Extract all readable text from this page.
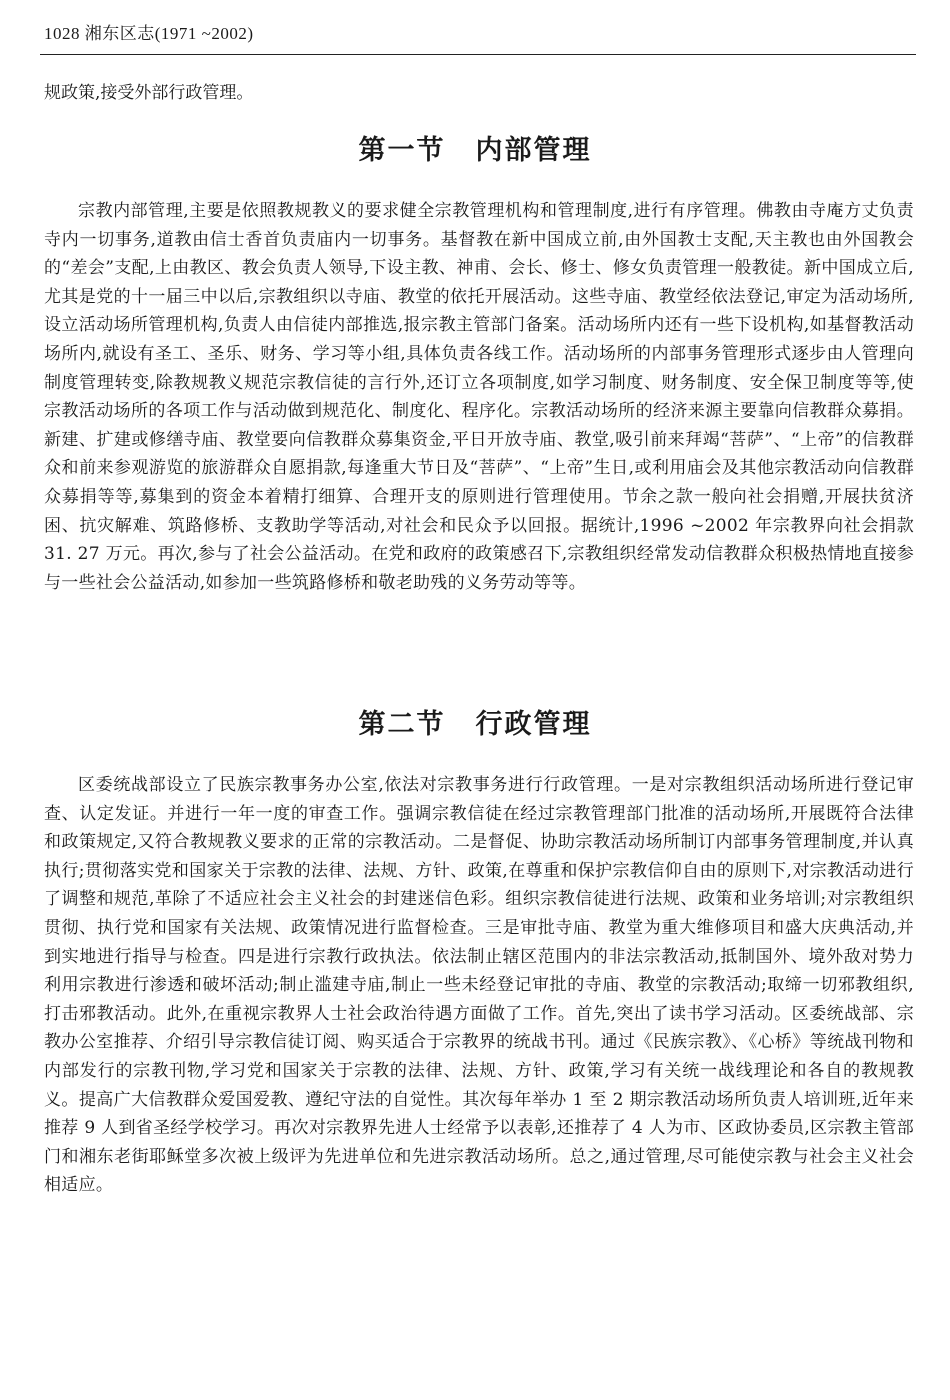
1028 湘东区志(1971 ~2002)
规政策,接受外部行政管理。
第一节 内部管理

宗教内部管理,主要是依照教规教义的要求健全宗教管理机构和管理制度,进行有序管理。佛教由寺庵方丈负责寺内一切事务,道教由信士香首负责庙内一切事务。基督教在新中国成立前,由外国教士支配,天主教也由外国教会的“差会”支配,上由教区、教会负责人领导,下设主教、神甫、会长、修士、修女负责管理一般教徒。新中国成立后,尤其是党的十一届三中以后,宗教组织以寺庙、教堂的依托开展活动。这些寺庙、教堂经依法登记,审定为活动场所,设立活动场所管理机构,负责人由信徒内部推选,报宗教主管部门备案。活动场所内还有一些下设机构,如基督教活动场所内,就设有圣工、圣乐、财务、学习等小组,具体负责各线工作。活动场所的内部事务管理形式逐步由人管理向制度管理转变,除教规教义规范宗教信徒的言行外,还订立各项制度,如学习制度、财务制度、安全保卫制度等等,使宗教活动场所的各项工作与活动做到规范化、制度化、程序化。宗教活动场所的经济来源主要靠向信教群众募捐。新建、扩建或修缮寺庙、教堂要向信教群众募集资金,平日开放寺庙、教堂,吸引前来拜竭“菩萨”、“上帝”的信教群众和前来参观游览的旅游群众自愿捐款,每逢重大节日及“菩萨”、“上帝”生日,或利用庙会及其他宗教活动向信教群众募捐等等,募集到的资金本着精打细算、合理开支的原则进行管理使用。节余之款一般向社会捐赠,开展扶贫济困、抗灾解难、筑路修桥、支教助学等活动,对社会和民众予以回报。据统计,1996 ~2002 年宗教界向社会捐款 31. 27 万元。再次,参与了社会公益活动。在党和政府的政策感召下,宗教组织经常发动信教群众积极热情地直接参与一些社会公益活动,如参加一些筑路修桥和敬老助残的义务劳动等等。

第二节 行政管理

区委统战部设立了民族宗教事务办公室,依法对宗教事务进行行政管理。一是对宗教组织活动场所进行登记审查、认定发证。并进行一年一度的审查工作。强调宗教信徒在经过宗教管理部门批准的活动场所,开展既符合法律和政策规定,又符合教规教义要求的正常的宗教活动。二是督促、协助宗教活动场所制订内部事务管理制度,并认真执行;贯彻落实党和国家关于宗教的法律、法规、方针、政策,在尊重和保护宗教信仰自由的原则下,对宗教活动进行了调整和规范,革除了不适应社会主义社会的封建迷信色彩。组织宗教信徒进行法规、政策和业务培训;对宗教组织贯彻、执行党和国家有关法规、政策情况进行监督检查。三是审批寺庙、教堂为重大维修项目和盛大庆典活动,并到实地进行指导与检查。四是进行宗教行政执法。依法制止辖区范围内的非法宗教活动,抵制国外、境外敌对势力利用宗教进行渗透和破坏活动;制止滥建寺庙,制止一些未经登记审批的寺庙、教堂的宗教活动;取缔一切邪教组织,打击邪教活动。此外,在重视宗教界人士社会政治待遇方面做了工作。首先,突出了读书学习活动。区委统战部、宗教办公室推荐、介绍引导宗教信徒订阅、购买适合于宗教界的统战书刊。通过《民族宗教》、《心桥》等统战刊物和内部发行的宗教刊物,学习党和国家关于宗教的法律、法规、方针、政策,学习有关统一战线理论和各自的教规教义。提高广大信教群众爱国爱教、遵纪守法的自觉性。其次每年举办 1 至 2 期宗教活动场所负责人培训班,近年来推荐 9 人到省圣经学校学习。再次对宗教界先进人士经常予以表彰,还推荐了 4 人为市、区政协委员,区宗教主管部门和湘东老街耶稣堂多次被上级评为先进单位和先进宗教活动场所。总之,通过管理,尽可能使宗教与社会主义社会相适应。
